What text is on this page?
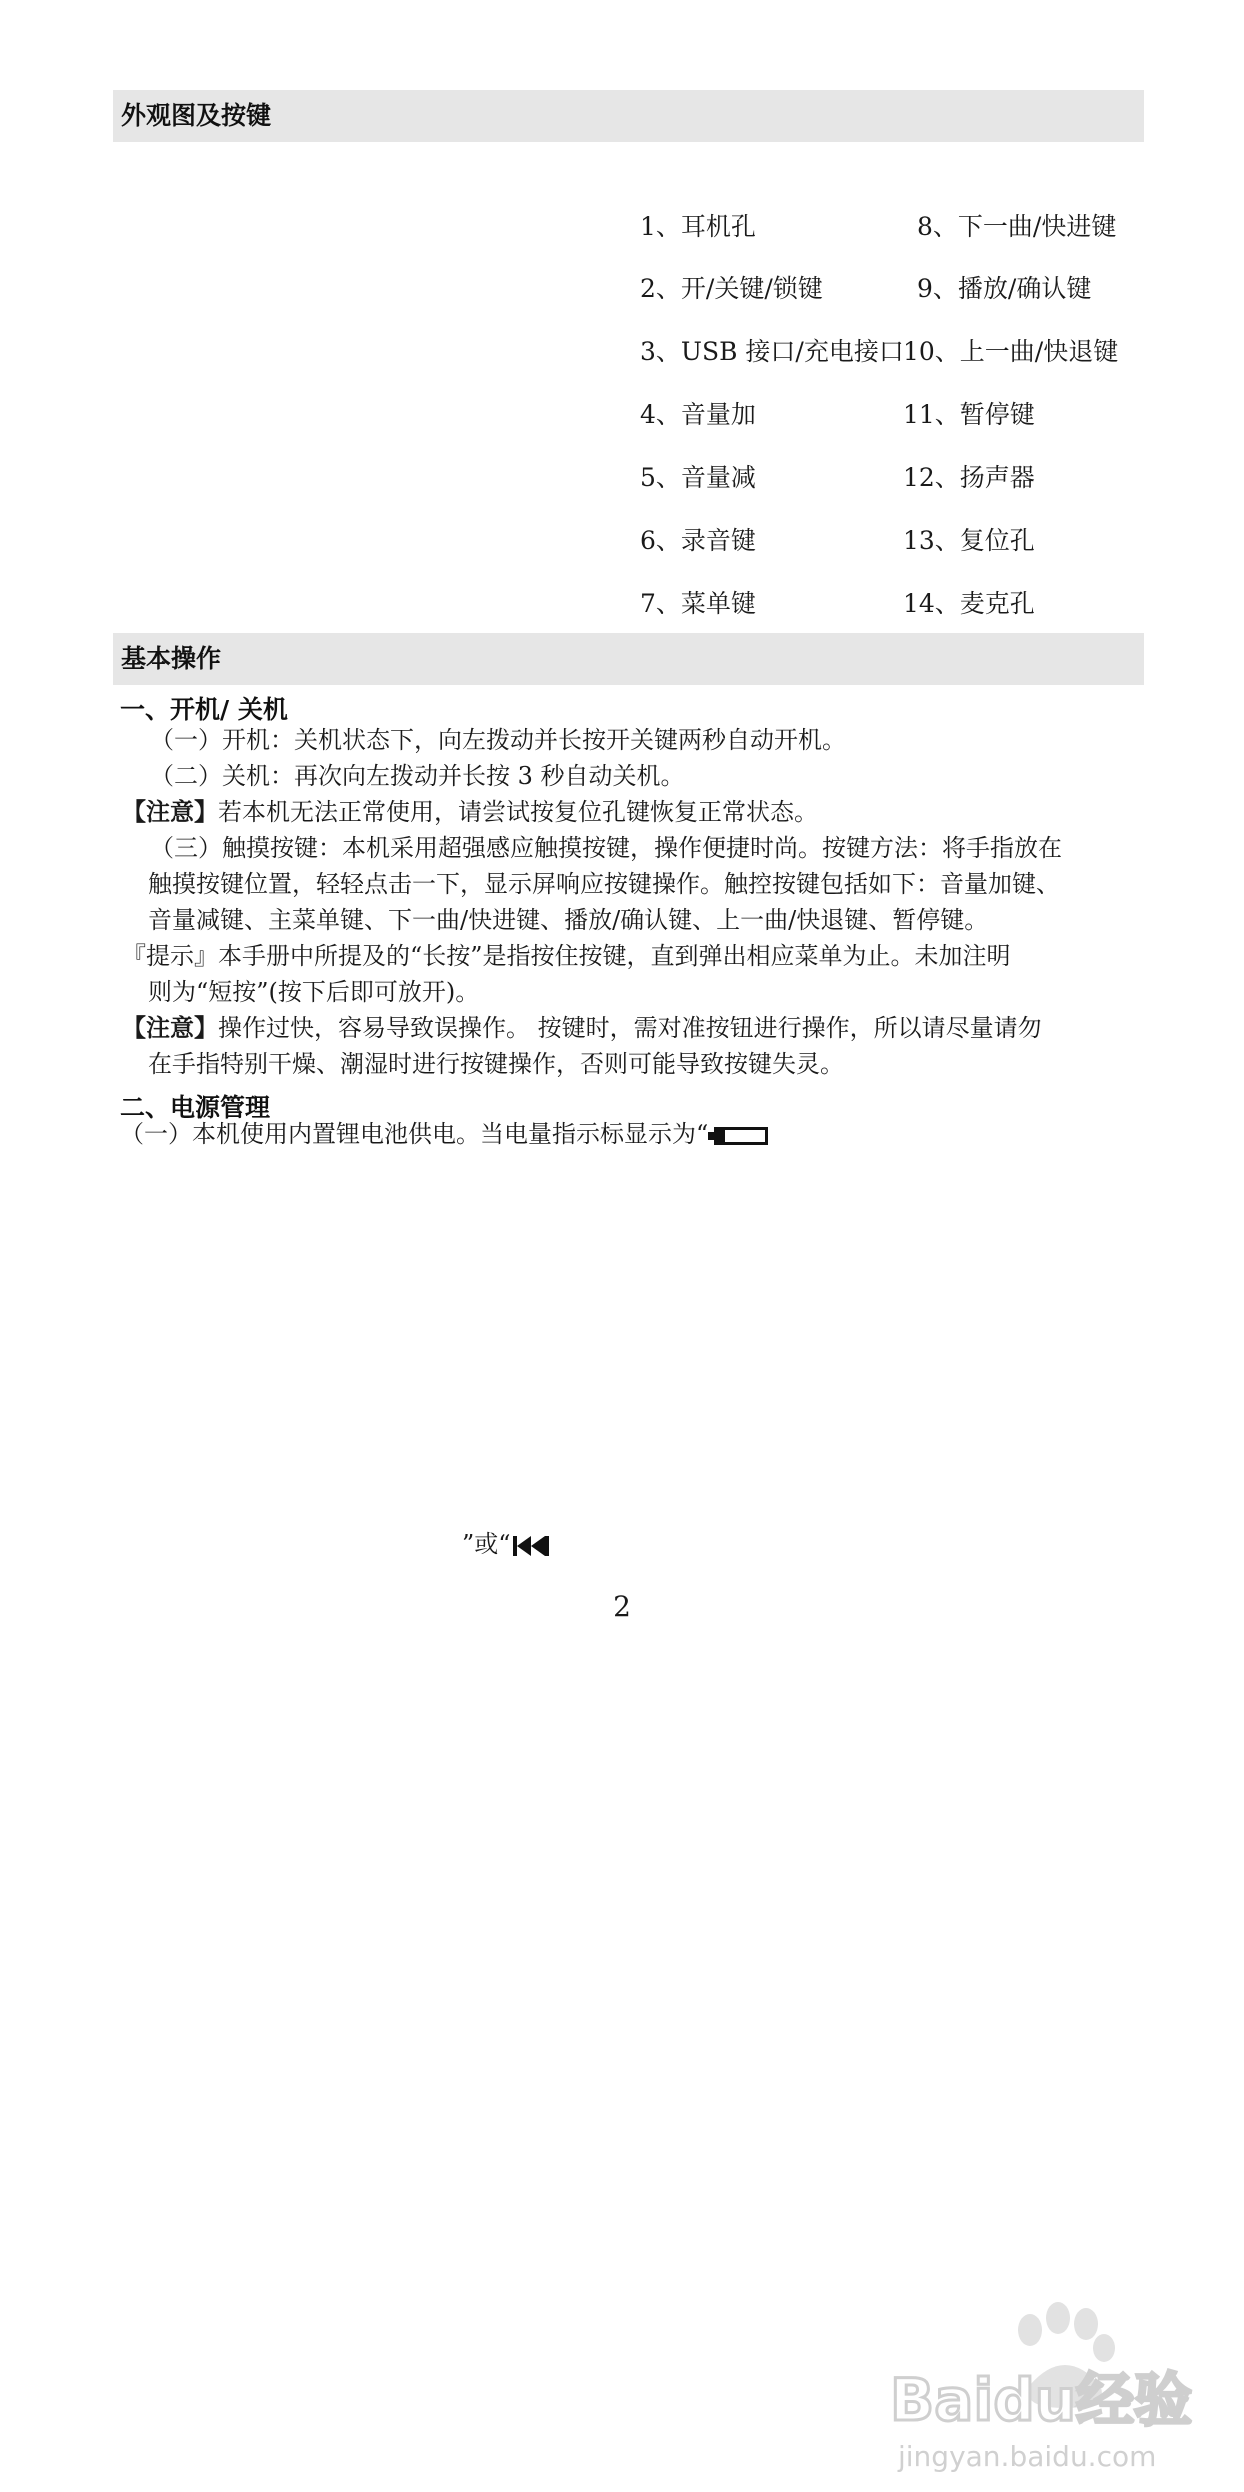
外观图及按键
1、耳机孔
2、开/关键/锁键
3、USB 接口/充电接口
4、音量加
5、音量减
6、录音键
7、菜单键
8、下一曲/快进键
9、播放/确认键
10、上一曲/快退键
11、暂停键
12、扬声器
13、复位孔
14、麦克孔
基本操作
一、开机/ 关机
（一）开机：关机状态下，向左拨动并长按开关键两秒自动开机。
（二）关机：再次向左拨动并长按 3 秒自动关机。
【注意】若本机无法正常使用，请尝试按复位孔键恢复正常状态。
（三）触摸按键：本机采用超强感应触摸按键，操作便捷时尚。按键方法：将手指放在
触摸按键位置，轻轻点击一下，显示屏响应按键操作。触控按键包括如下：音量加键、
音量减键、主菜单键、下一曲/快进键、播放/确认键、上一曲/快退键、暂停键。
『提示』本手册中所提及的“长按”是指按住按键，直到弹出相应菜单为止。未加注明
则为“短按”(按下后即可放开)。
【注意】操作过快，容易导致误操作。 按键时，需对准按钮进行操作，所以请尽量请勿
在手指特别干燥、潮湿时进行按键操作，否则可能导致按键失灵。
二、电源管理
（一）本机使用内置锂电池供电。当电量指示标显示为“
”或“
2
Baidu经验
jingyan.baidu.com
